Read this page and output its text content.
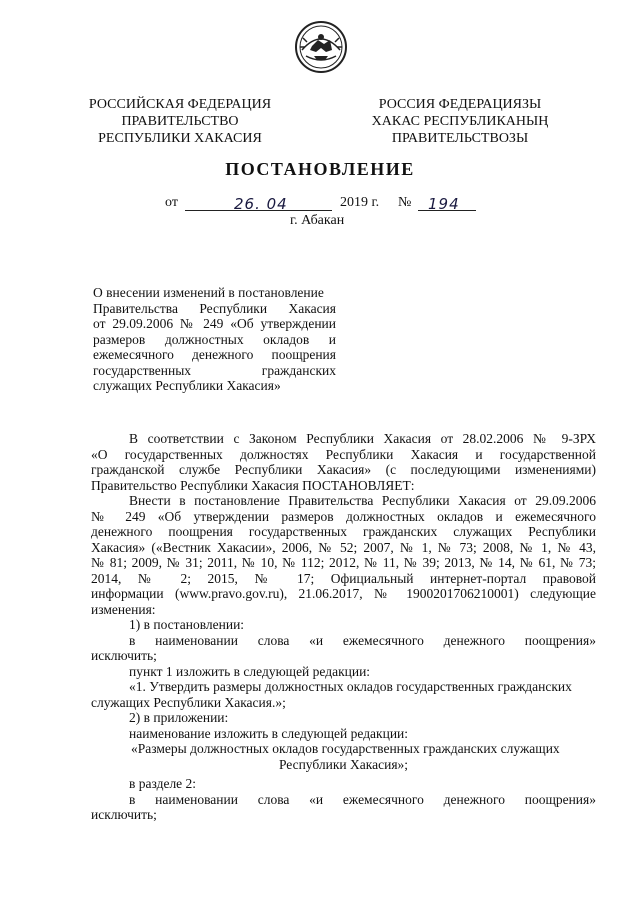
РОССИЙСКАЯ ФЕДЕРАЦИЯ
ПРАВИТЕЛЬСТВО
РЕСПУБЛИКИ ХАКАСИЯ
РОССИЯ ФЕДЕРАЦИЯЗЫ
ХАКАС РЕСПУБЛИКАНЫҢ
ПРАВИТЕЛЬСТВОЗЫ
ПОСТАНОВЛЕНИЕ
от	26. 04	2019 г. № 194
г. Абакан
О внесении изменений в постановление
Правительства Республики Хакасия
от 29.09.2006 № 249 «Об утверждении
размеров должностных окладов и
ежемесячного денежного поощрения
государственных гражданских
служащих Республики Хакасия»
В соответствии с Законом Республики Хакасия от 28.02.2006 № 9-ЗРХ
«О государственных должностях Республики Хакасия и государственной
гражданской службе Республики Хакасия» (с последующими изменениями)
Правительство Республики Хакасия ПОСТАНОВЛЯЕТ:
Внести в постановление Правительства Республики Хакасия от 29.09.2006
№ 249 «Об утверждении размеров должностных окладов и ежемесячного
денежного поощрения государственных гражданских служащих Республики
Хакасия» («Вестник Хакасии», 2006, № 52; 2007, № 1, № 73; 2008, № 1, № 43,
№ 81; 2009, № 31; 2011, № 10, № 112; 2012, № 11, № 39; 2013, № 14, № 61, № 73;
2014, № 2; 2015, № 17; Официальный интернет-портал правовой
информации (www.pravo.gov.ru), 21.06.2017, № 1900201706210001) следующие
изменения:
1) в постановлении:
в наименовании слова «и ежемесячного денежного поощрения»
исключить;
пункт 1 изложить в следующей редакции:
«1. Утвердить размеры должностных окладов государственных гражданских
служащих Республики Хакасия.»;
2) в приложении:
наименование изложить в следующей редакции:
«Размеры должностных окладов государственных гражданских служащих
Республики Хакасия»;
в разделе 2:
в наименовании слова «и ежемесячного денежного поощрения»
исключить;
